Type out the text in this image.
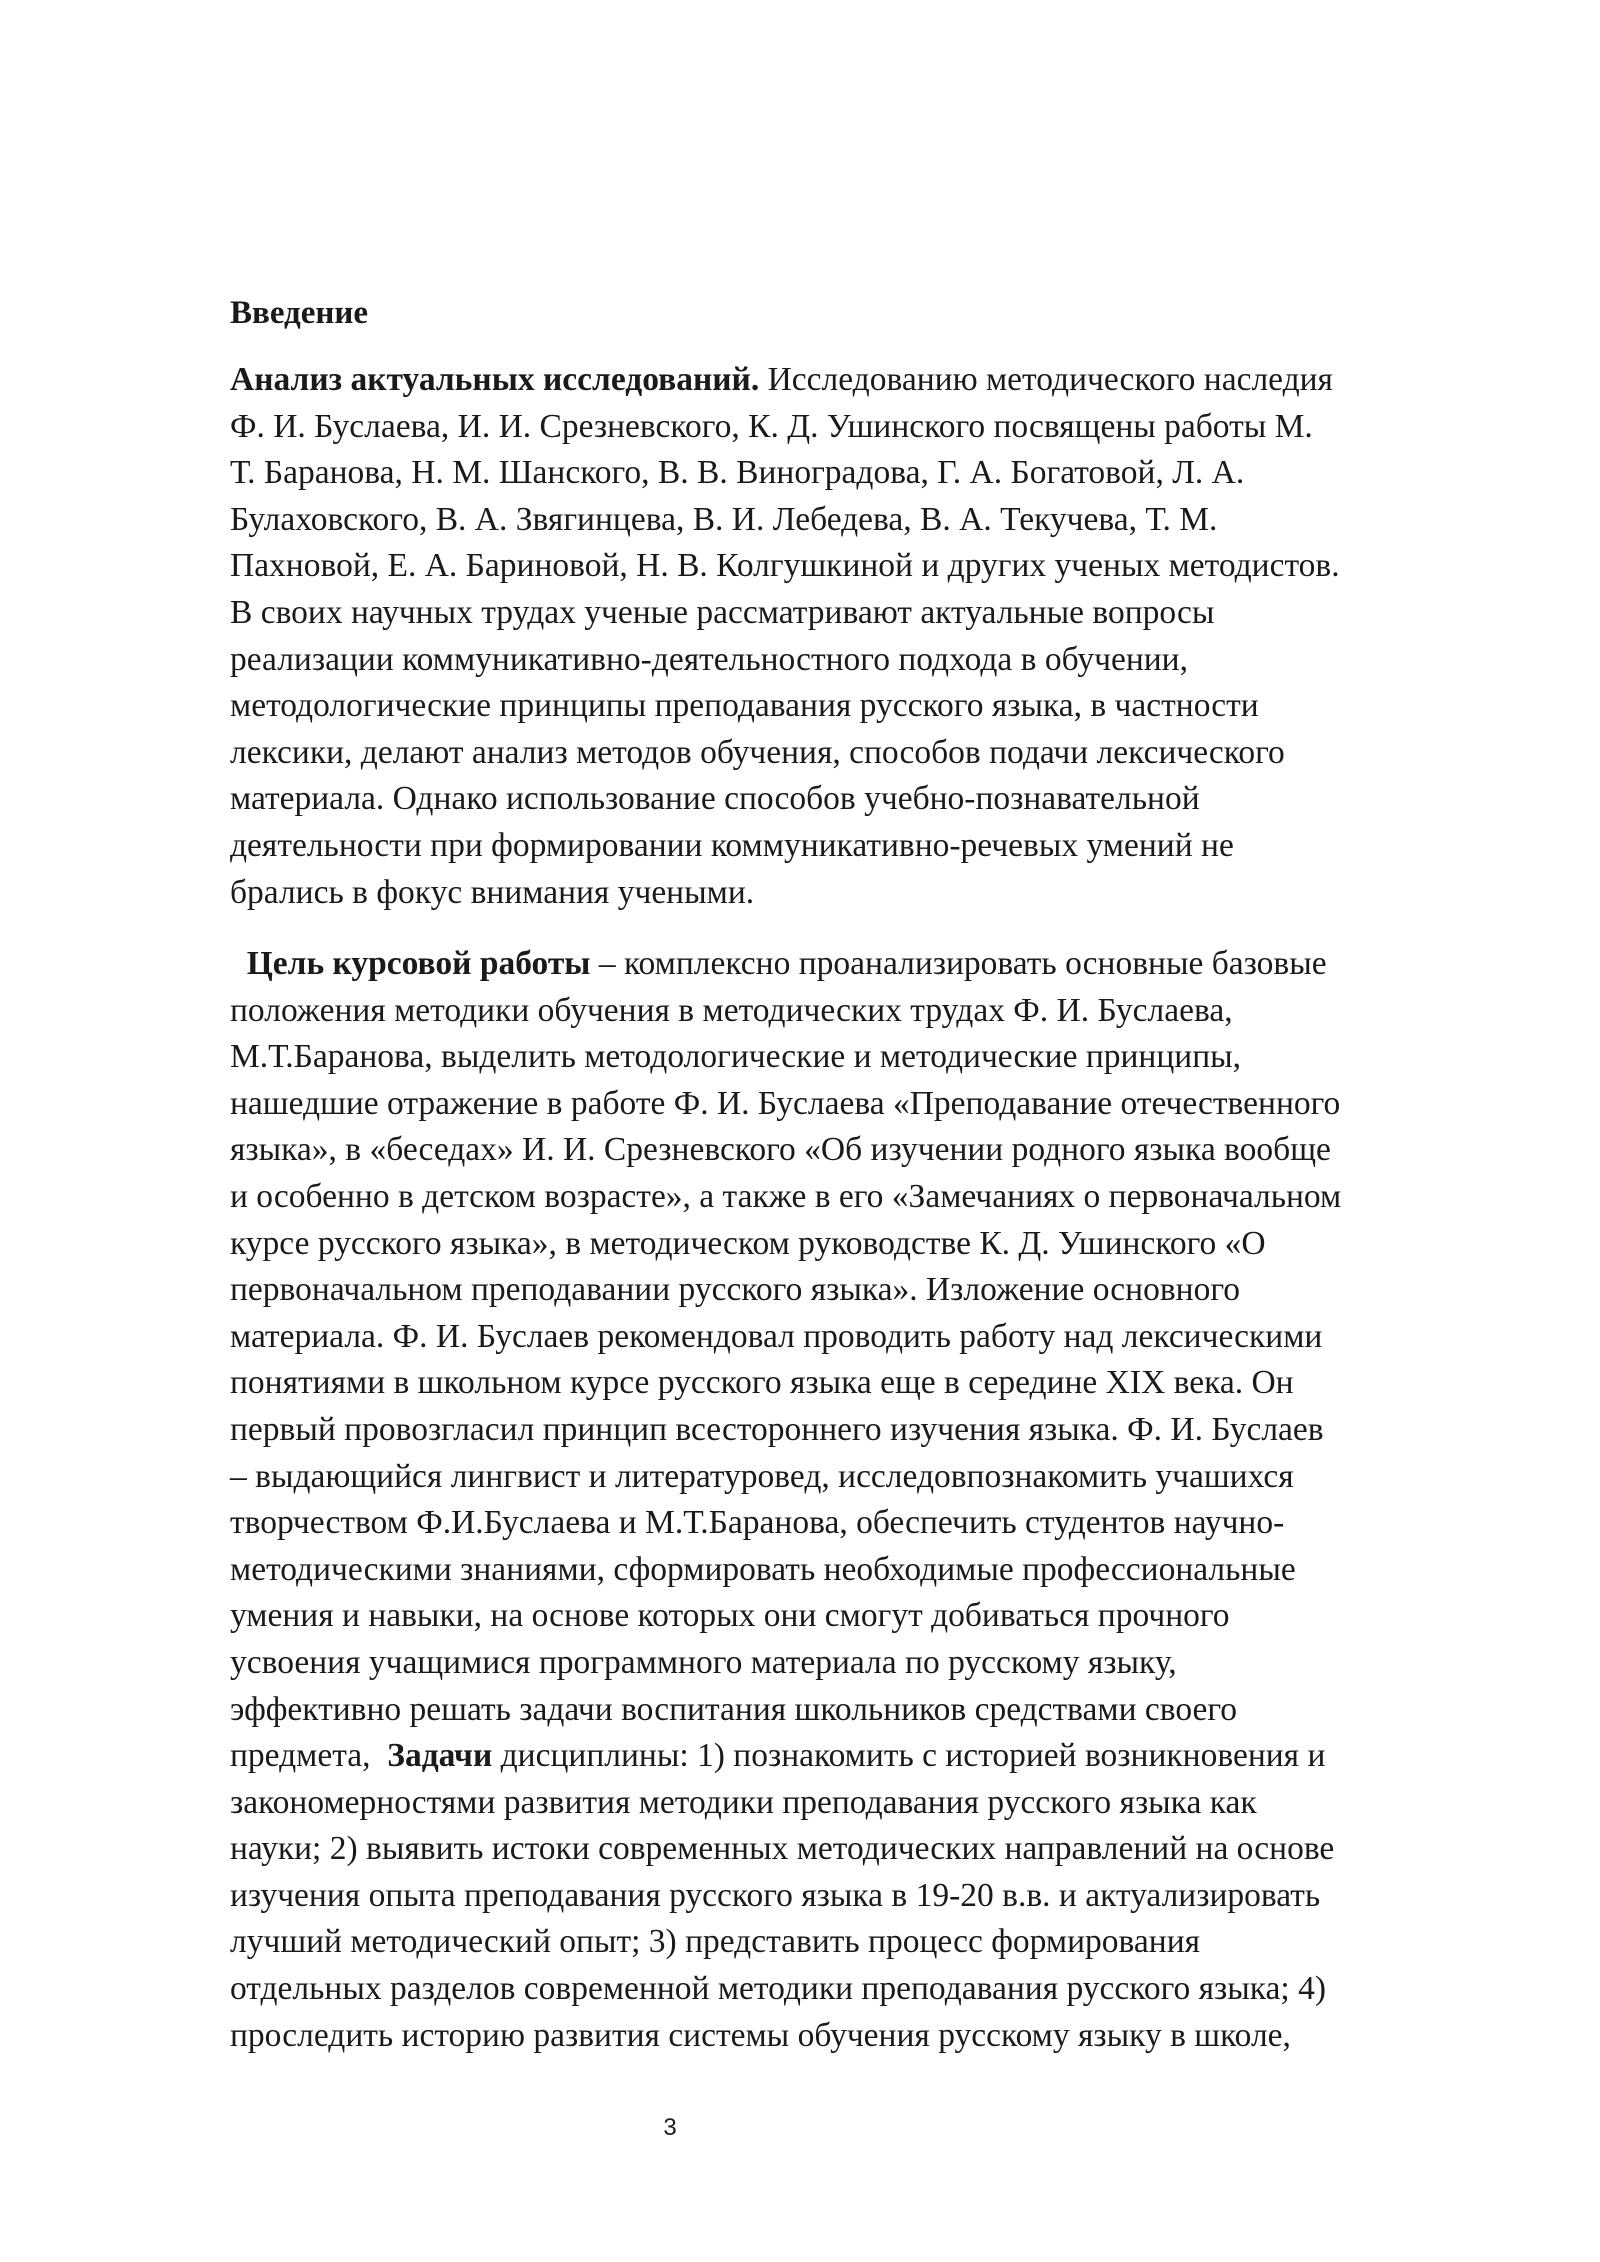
Введение
Анализ актуальных исследований. Исследованию методического наследия
Ф. И. Буслаева, И. И. Срезневского, К. Д. Ушинского посвящены работы М.
Т. Баранова, Н. М. Шанского, В. В. Виноградова, Г. А. Богатовой, Л. А.
Булаховского, В. А. Звягинцева, В. И. Лебедева, В. А. Текучева, Т. М.
Пахновой, Е. А. Бариновой, Н. В. Колгушкиной и других ученых методистов.
В своих научных трудах ученые рассматривают актуальные вопросы
реализации коммуникативно-деятельностного подхода в обучении,
методологические принципы преподавания русского языка, в частности
лексики, делают анализ методов обучения, способов подачи лексического
материала. Однако использование способов учебно-познавательной
деятельности при формировании коммуникативно-речевых умений не
брались в фокус внимания учеными.
Цель курсовой работы – комплексно проанализировать основные базовые
положения методики обучения в методических трудах Ф. И. Буслаева,
М.Т.Баранова, выделить методологические и методические принципы,
нашедшие отражение в работе Ф. И. Буслаева «Преподавание отечественного
языка», в «беседах» И. И. Срезневского «Об изучении родного языка вообще
и особенно в детском возрасте», а также в его «Замечаниях о первоначальном
курсе русского языка», в методическом руководстве К. Д. Ушинского «О
первоначальном преподавании русского языка». Изложение основного
материала. Ф. И. Буслаев рекомендовал проводить работу над лексическими
понятиями в школьном курсе русского языка еще в середине XIX века. Он
первый провозгласил принцип всестороннего изучения языка. Ф. И. Буслаев
– выдающийся лингвист и литературовед, исследовпознакомить учашихся
творчеством Ф.И.Буслаева и М.Т.Баранова, обеспечить студентов научно-
методическими знаниями, сформировать необходимые профессиональные
умения и навыки, на основе которых они смогут добиваться прочного
усвоения учащимися программного материала по русскому языку,
эффективно решать задачи воспитания школьников средствами своего
предмета,  Задачи дисциплины: 1) познакомить с историей возникновения и
закономерностями развития методики преподавания русского языка как
науки; 2) выявить истоки современных методических направлений на основе
изучения опыта преподавания русского языка в 19-20 в.в. и актуализировать
лучший методический опыт; 3) представить процесс формирования
отдельных разделов современной методики преподавания русского языка; 4)
проследить историю развития системы обучения русскому языку в школе,
3
